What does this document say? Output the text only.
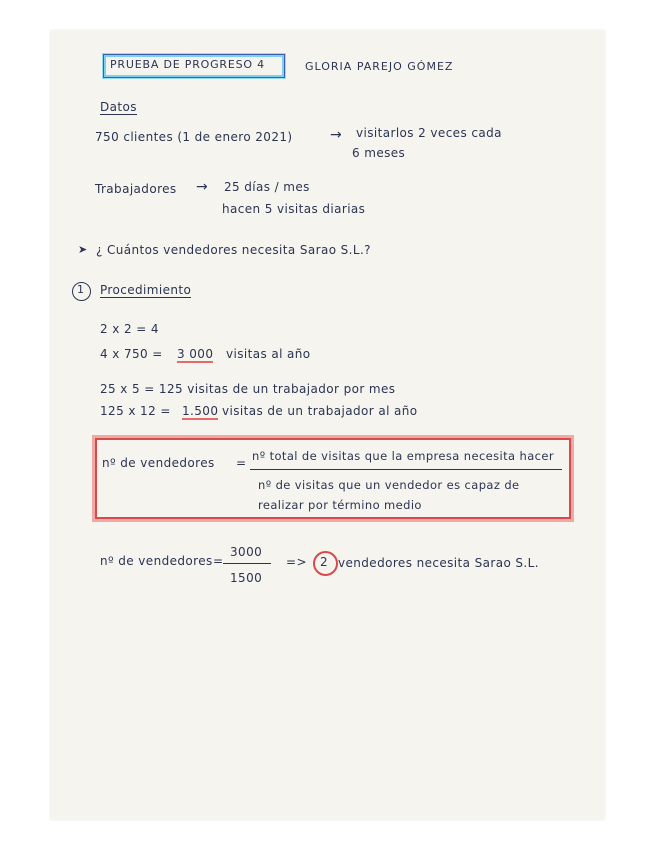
PRUEBA DE PROGRESO 4	GLORIA PAREJO GÓMEZ
Datos
750 clientes (1 de enero 2021)	→ visitarlos 2 veces cada
6 meses
Trabajadores → 25 días / mes
hacen 5 visitas diarias
➤ ¿ Cuántos vendedores necesita Sarao S.L.?
1 Procedimiento
2 x 2 = 4
4 x 750 = 3 000 visitas al año
25 x 5 = 125 visitas de un trabajador por mes
125 x 12 = 1.500 visitas de un trabajador al año
nº de vendedores = nº total de visitas que la empresa necesita hacer
nº de visitas que un vendedor es capaz de
realizar por término medio
nº de vendedores =
3000
1500
=> 2 vendedores necesita Sarao S.L.
